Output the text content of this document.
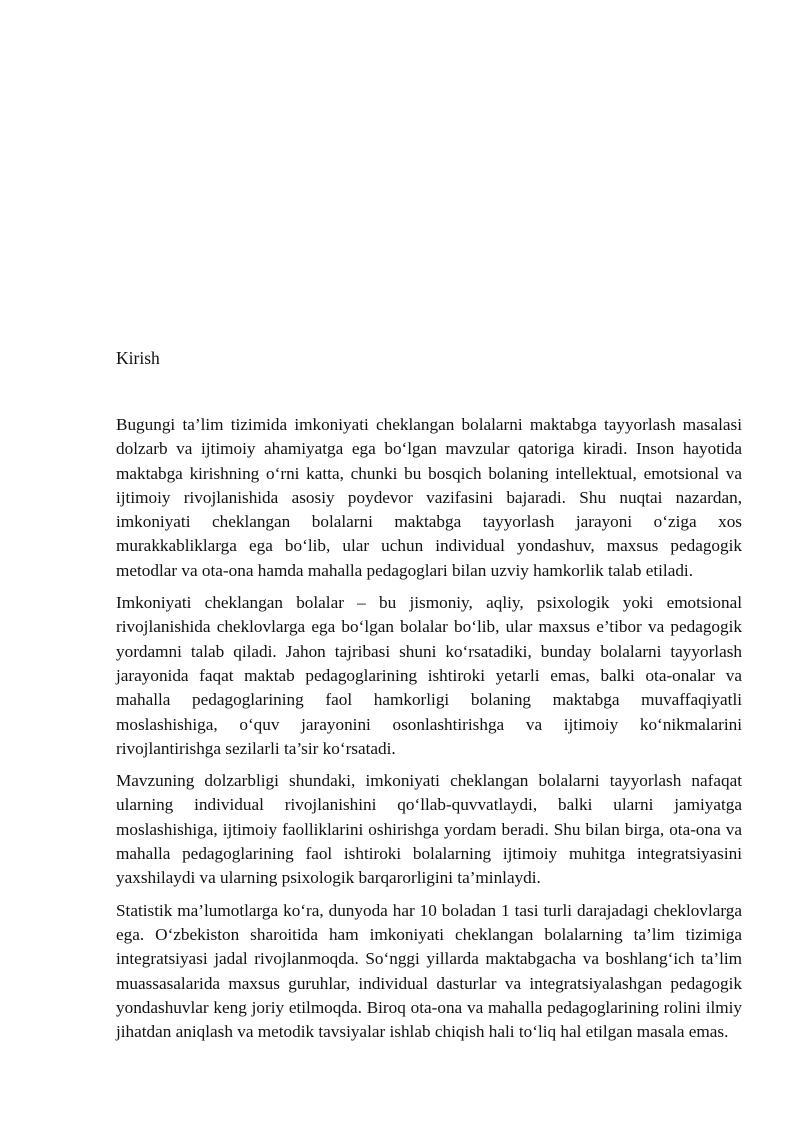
Kirish

Bugungi ta’lim tizimida imkoniyati cheklangan bolalarni maktabga tayyorlash masalasi dolzarb va ijtimoiy ahamiyatga ega bo‘lgan mavzular qatoriga kiradi. Inson hayotida maktabga kirishning o‘rni katta, chunki bu bosqich bolaning intellektual, emotsional va ijtimoiy rivojlanishida asosiy poydevor vazifasini bajaradi. Shu nuqtai nazardan, imkoniyati cheklangan bolalarni maktabga tayyorlash jarayoni o‘ziga xos murakkabliklarga ega bo‘lib, ular uchun individual yondashuv, maxsus pedagogik metodlar va ota-ona hamda mahalla pedagoglari bilan uzviy hamkorlik talab etiladi.

Imkoniyati cheklangan bolalar – bu jismoniy, aqliy, psixologik yoki emotsional rivojlanishida cheklovlarga ega bo‘lgan bolalar bo‘lib, ular maxsus e’tibor va pedagogik yordamni talab qiladi. Jahon tajribasi shuni ko‘rsatadiki, bunday bolalarni tayyorlash jarayonida faqat maktab pedagoglarining ishtiroki yetarli emas, balki ota-onalar va mahalla pedagoglarining faol hamkorligi bolaning maktabga muvaffaqiyatli moslashishiga, o‘quv jarayonini osonlashtirishga va ijtimoiy ko‘nikmalarini rivojlantirishga sezilarli ta’sir ko‘rsatadi.

Mavzuning dolzarbligi shundaki, imkoniyati cheklangan bolalarni tayyorlash nafaqat ularning individual rivojlanishini qo‘llab-quvvatlaydi, balki ularni jamiyatga moslashishiga, ijtimoiy faolliklarini oshirishga yordam beradi. Shu bilan birga, ota-ona va mahalla pedagoglarining faol ishtiroki bolalarning ijtimoiy muhitga integratsiyasini yaxshilaydi va ularning psixologik barqarorligini ta’minlaydi.

Statistik ma’lumotlarga ko‘ra, dunyoda har 10 boladan 1 tasi turli darajadagi cheklovlarga ega. O‘zbekiston sharoitida ham imkoniyati cheklangan bolalarning ta’lim tizimiga integratsiyasi jadal rivojlanmoqda. So‘nggi yillarda maktabgacha va boshlang‘ich ta’lim muassasalarida maxsus guruhlar, individual dasturlar va integratsiyalashgan pedagogik yondashuvlar keng joriy etilmoqda. Biroq ota-ona va mahalla pedagoglarining rolini ilmiy jihatdan aniqlash va metodik tavsiyalar ishlab chiqish hali to‘liq hal etilgan masala emas.
